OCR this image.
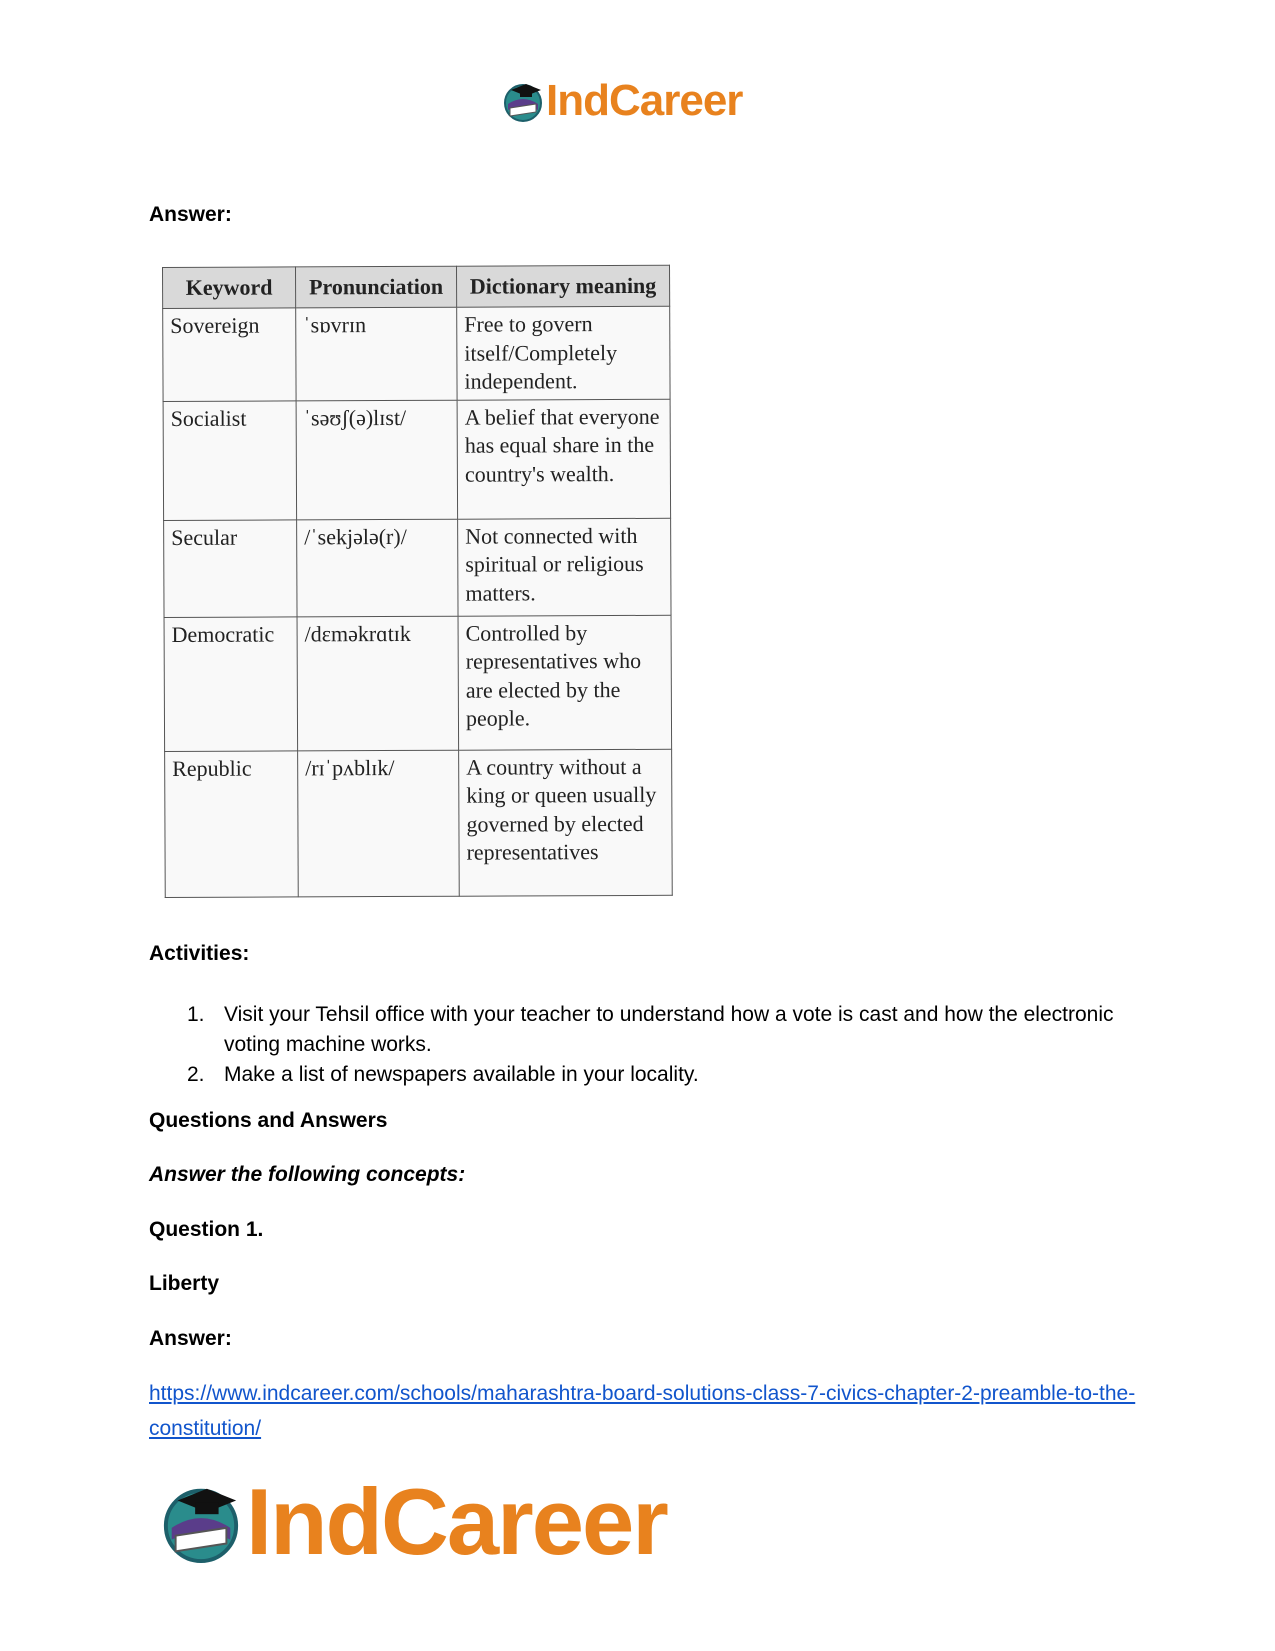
IndCareer
Answer:
Keyword	Pronunciation	Dictionary meaning
Sovereign	ˈsɒvrɪn	Free to govern itself/Completely independent.
Socialist	ˈsəʊʃ(ə)lɪst/	A belief that everyone has equal share in the country's wealth.
Secular	/ˈsekjələ(r)/	Not connected with spiritual or religious matters.
Democratic	/dɛməkrɑtɪk	Controlled by representatives who are elected by the people.
Republic	/rɪˈpʌblɪk/	A country without a king or queen usually governed by elected representatives
Activities:
1. Visit your Tehsil office with your teacher to understand how a vote is cast and how the electronic voting machine works.
2. Make a list of newspapers available in your locality.
Questions and Answers
Answer the following concepts:
Question 1.
Liberty
Answer:
https://www.indcareer.com/schools/maharashtra-board-solutions-class-7-civics-chapter-2-preamble-to-the-constitution/
IndCareer
